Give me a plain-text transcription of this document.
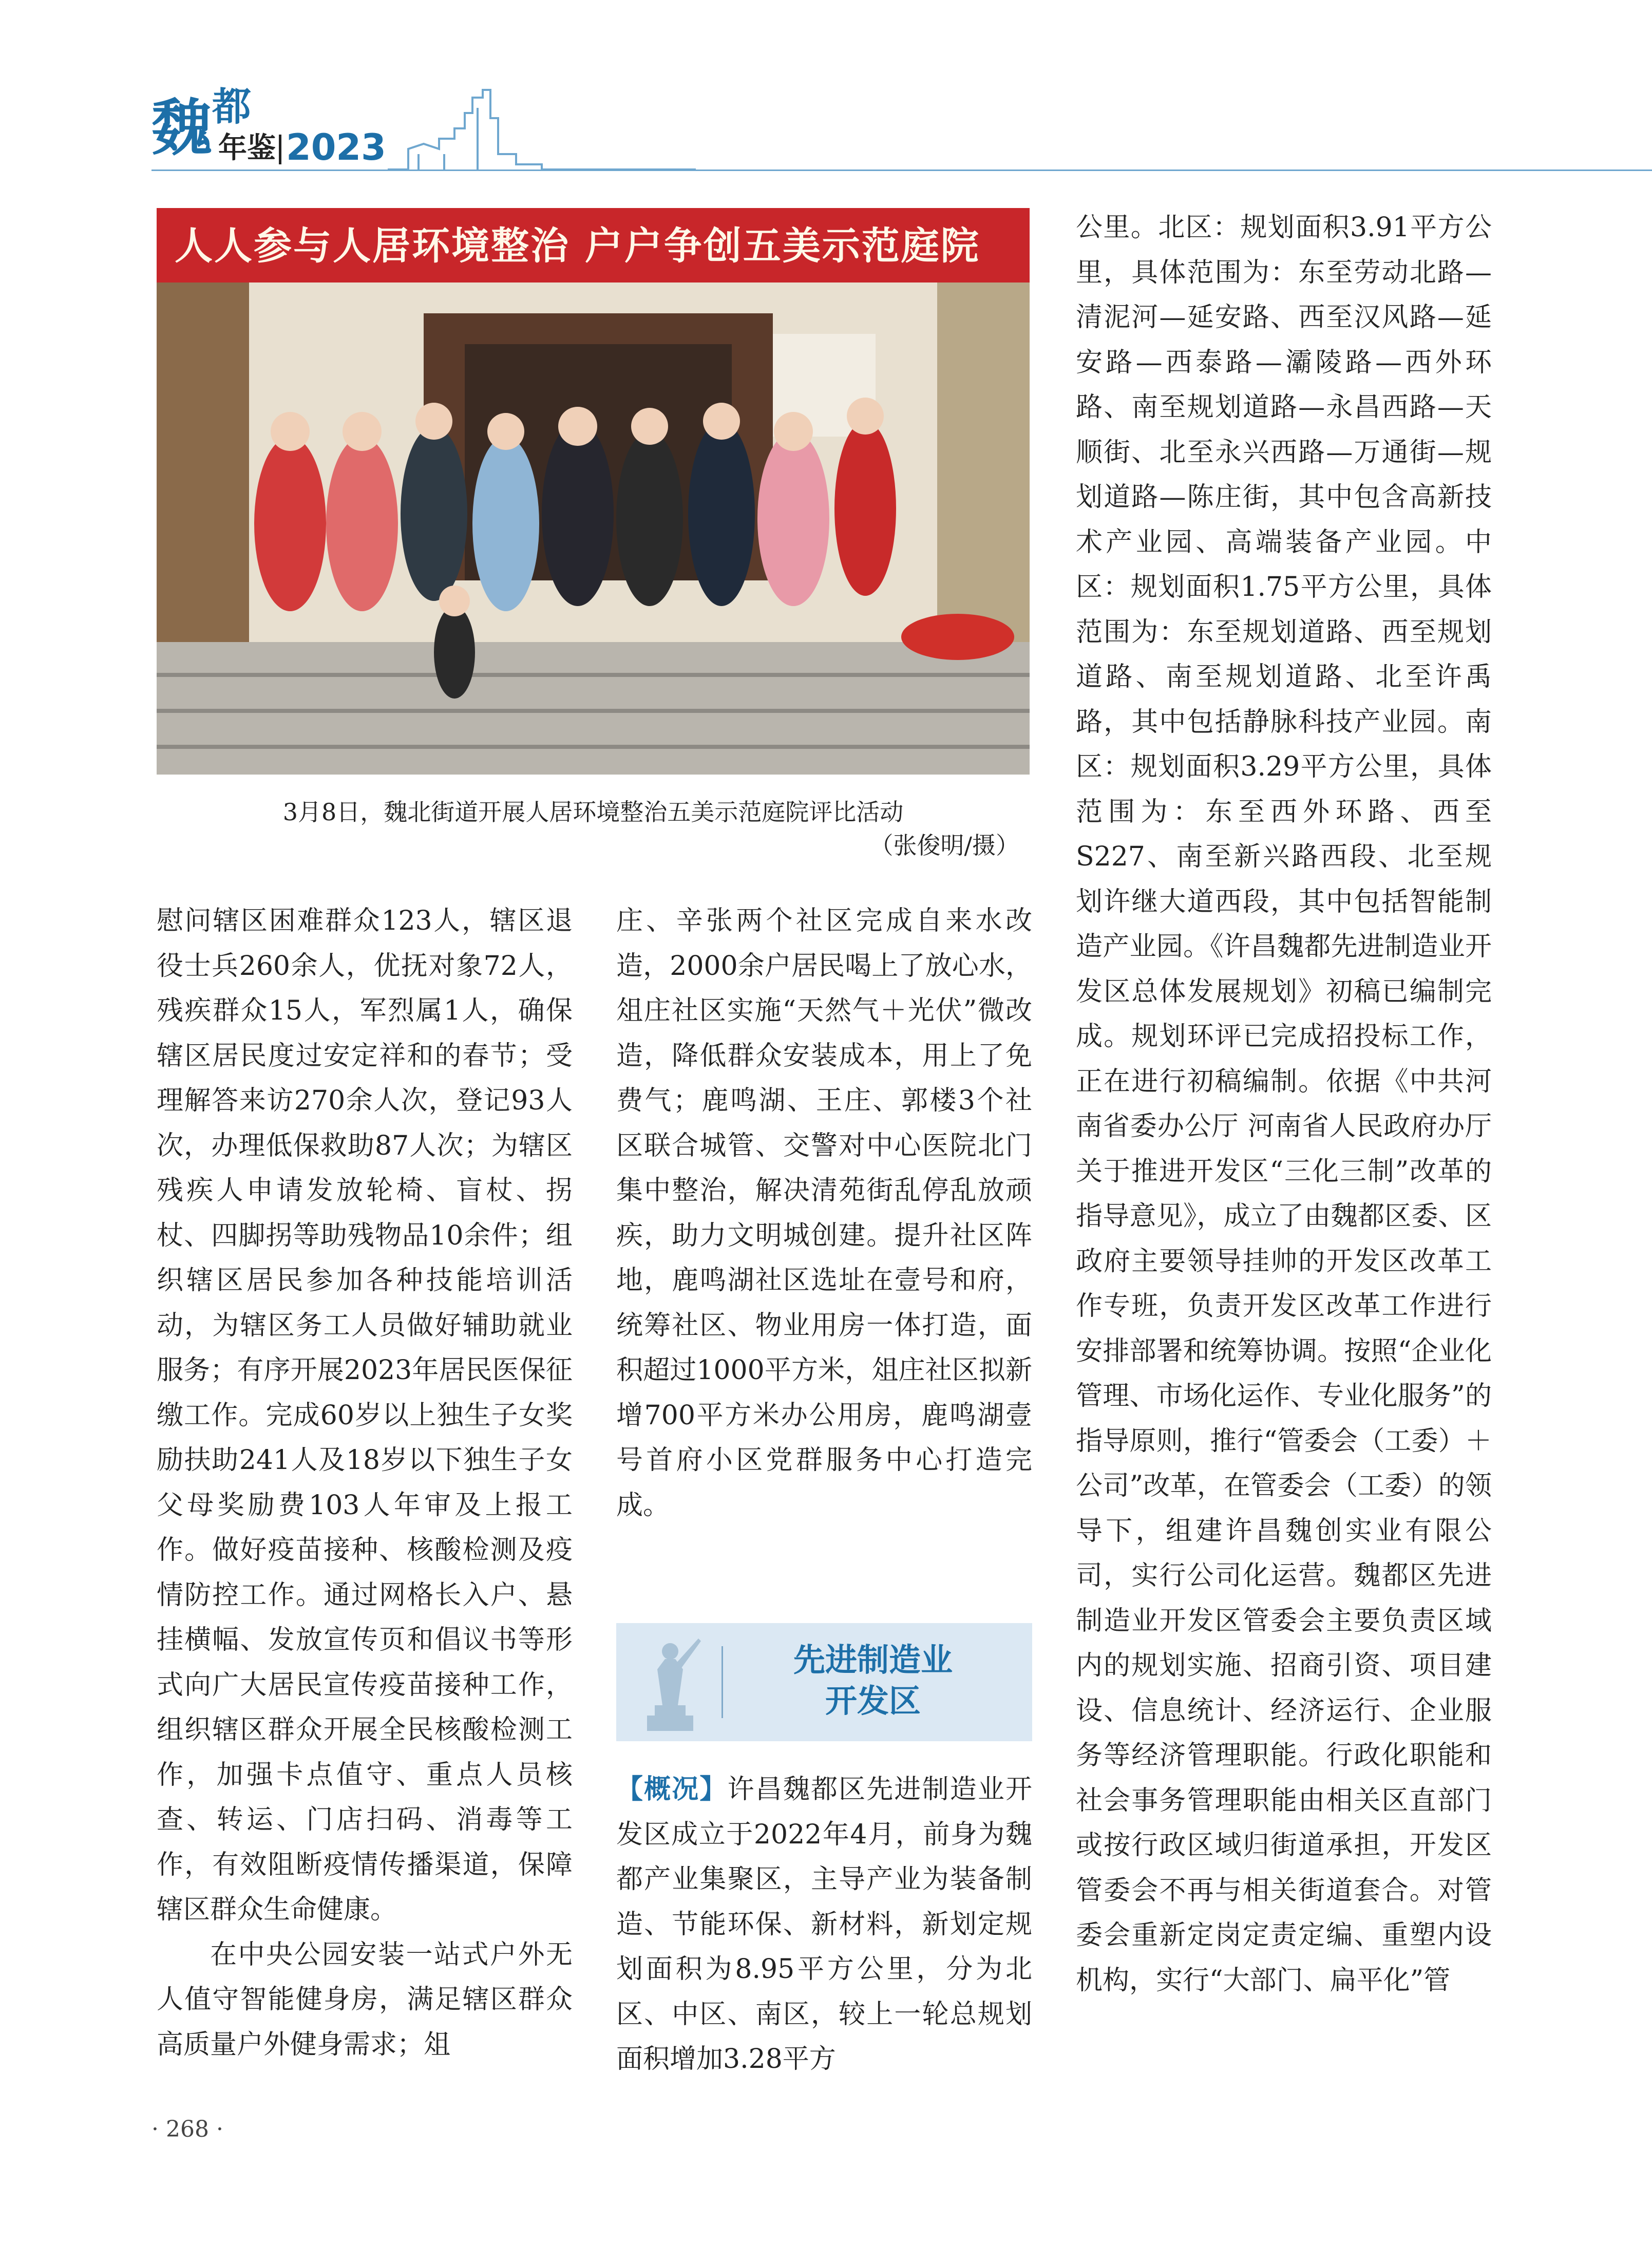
魏 都
年鉴 2023
人人参与人居环境整治 户户争创五美示范庭院
3月8日，魏北街道开展人居环境整治五美示范庭院评比活动
（张俊明/摄）

慰问辖区困难群众123人，辖区退役士兵260余人，优抚对象72人，残疾群众15人，军烈属1人，确保辖区居民度过安定祥和的春节；受理解答来访270余人次，登记93人次，办理低保救助87人次；为辖区残疾人申请发放轮椅、盲杖、拐杖、四脚拐等助残物品10余件；组织辖区居民参加各种技能培训活动，为辖区务工人员做好辅助就业服务；有序开展2023年居民医保征缴工作。完成60岁以上独生子女奖励扶助241人及18岁以下独生子女父母奖励费103人年审及上报工作。做好疫苗接种、核酸检测及疫情防控工作。通过网格长入户、悬挂横幅、发放宣传页和倡议书等形式向广大居民宣传疫苗接种工作，组织辖区群众开展全民核酸检测工作，加强卡点值守、重点人员核查、转运、门店扫码、消毒等工作，有效阻断疫情传播渠道，保障辖区群众生命健康。

在中央公园安装一站式户外无人值守智能健身房，满足辖区群众高质量户外健身需求；俎

庄、辛张两个社区完成自来水改造，2000余户居民喝上了放心水，俎庄社区实施“天然气＋光伏”微改造，降低群众安装成本，用上了免费气；鹿鸣湖、王庄、郭楼3个社区联合城管、交警对中心医院北门集中整治，解决清苑街乱停乱放顽疾，助力文明城创建。提升社区阵地，鹿鸣湖社区选址在壹号和府，统筹社区、物业用房一体打造，面积超过1000平方米，俎庄社区拟新增700平方米办公用房，鹿鸣湖壹号首府小区党群服务中心打造完成。

先进制造业
开发区

【概况】许昌魏都区先进制造业开发区成立于2022年4月，前身为魏都产业集聚区，主导产业为装备制造、节能环保、新材料，新划定规划面积为8.95平方公里，分为北区、中区、南区，较上一轮总规划面积增加3.28平方

公里。北区：规划面积3.91平方公里，具体范围为：东至劳动北路—清泥河—延安路、西至汉风路—延安路—西泰路—灞陵路—西外环路、南至规划道路—永昌西路—天顺街、北至永兴西路—万通街—规划道路—陈庄街，其中包含高新技术产业园、高端装备产业园。中区：规划面积1.75平方公里，具体范围为：东至规划道路、西至规划道路、南至规划道路、北至许禹路，其中包括静脉科技产业园。南区：规划面积3.29平方公里，具体范围为：东至西外环路、西至S227、南至新兴路西段、北至规划许继大道西段，其中包括智能制造产业园。《许昌魏都先进制造业开发区总体发展规划》初稿已编制完成。规划环评已完成招投标工作，正在进行初稿编制。依据《中共河南省委办公厅 河南省人民政府办厅关于推进开发区“三化三制”改革的指导意见》，成立了由魏都区委、区政府主要领导挂帅的开发区改革工作专班，负责开发区改革工作进行安排部署和统筹协调。按照“企业化管理、市场化运作、专业化服务”的指导原则，推行“管委会（工委）＋公司”改革，在管委会（工委）的领导下，组建许昌魏创实业有限公司，实行公司化运营。魏都区先进制造业开发区管委会主要负责区域内的规划实施、招商引资、项目建设、信息统计、经济运行、企业服务等经济管理职能。行政化职能和社会事务管理职能由相关区直部门或按行政区域归街道承担，开发区管委会不再与相关街道套合。对管委会重新定岗定责定编、重塑内设机构，实行“大部门、扁平化”管

· 268 ·
